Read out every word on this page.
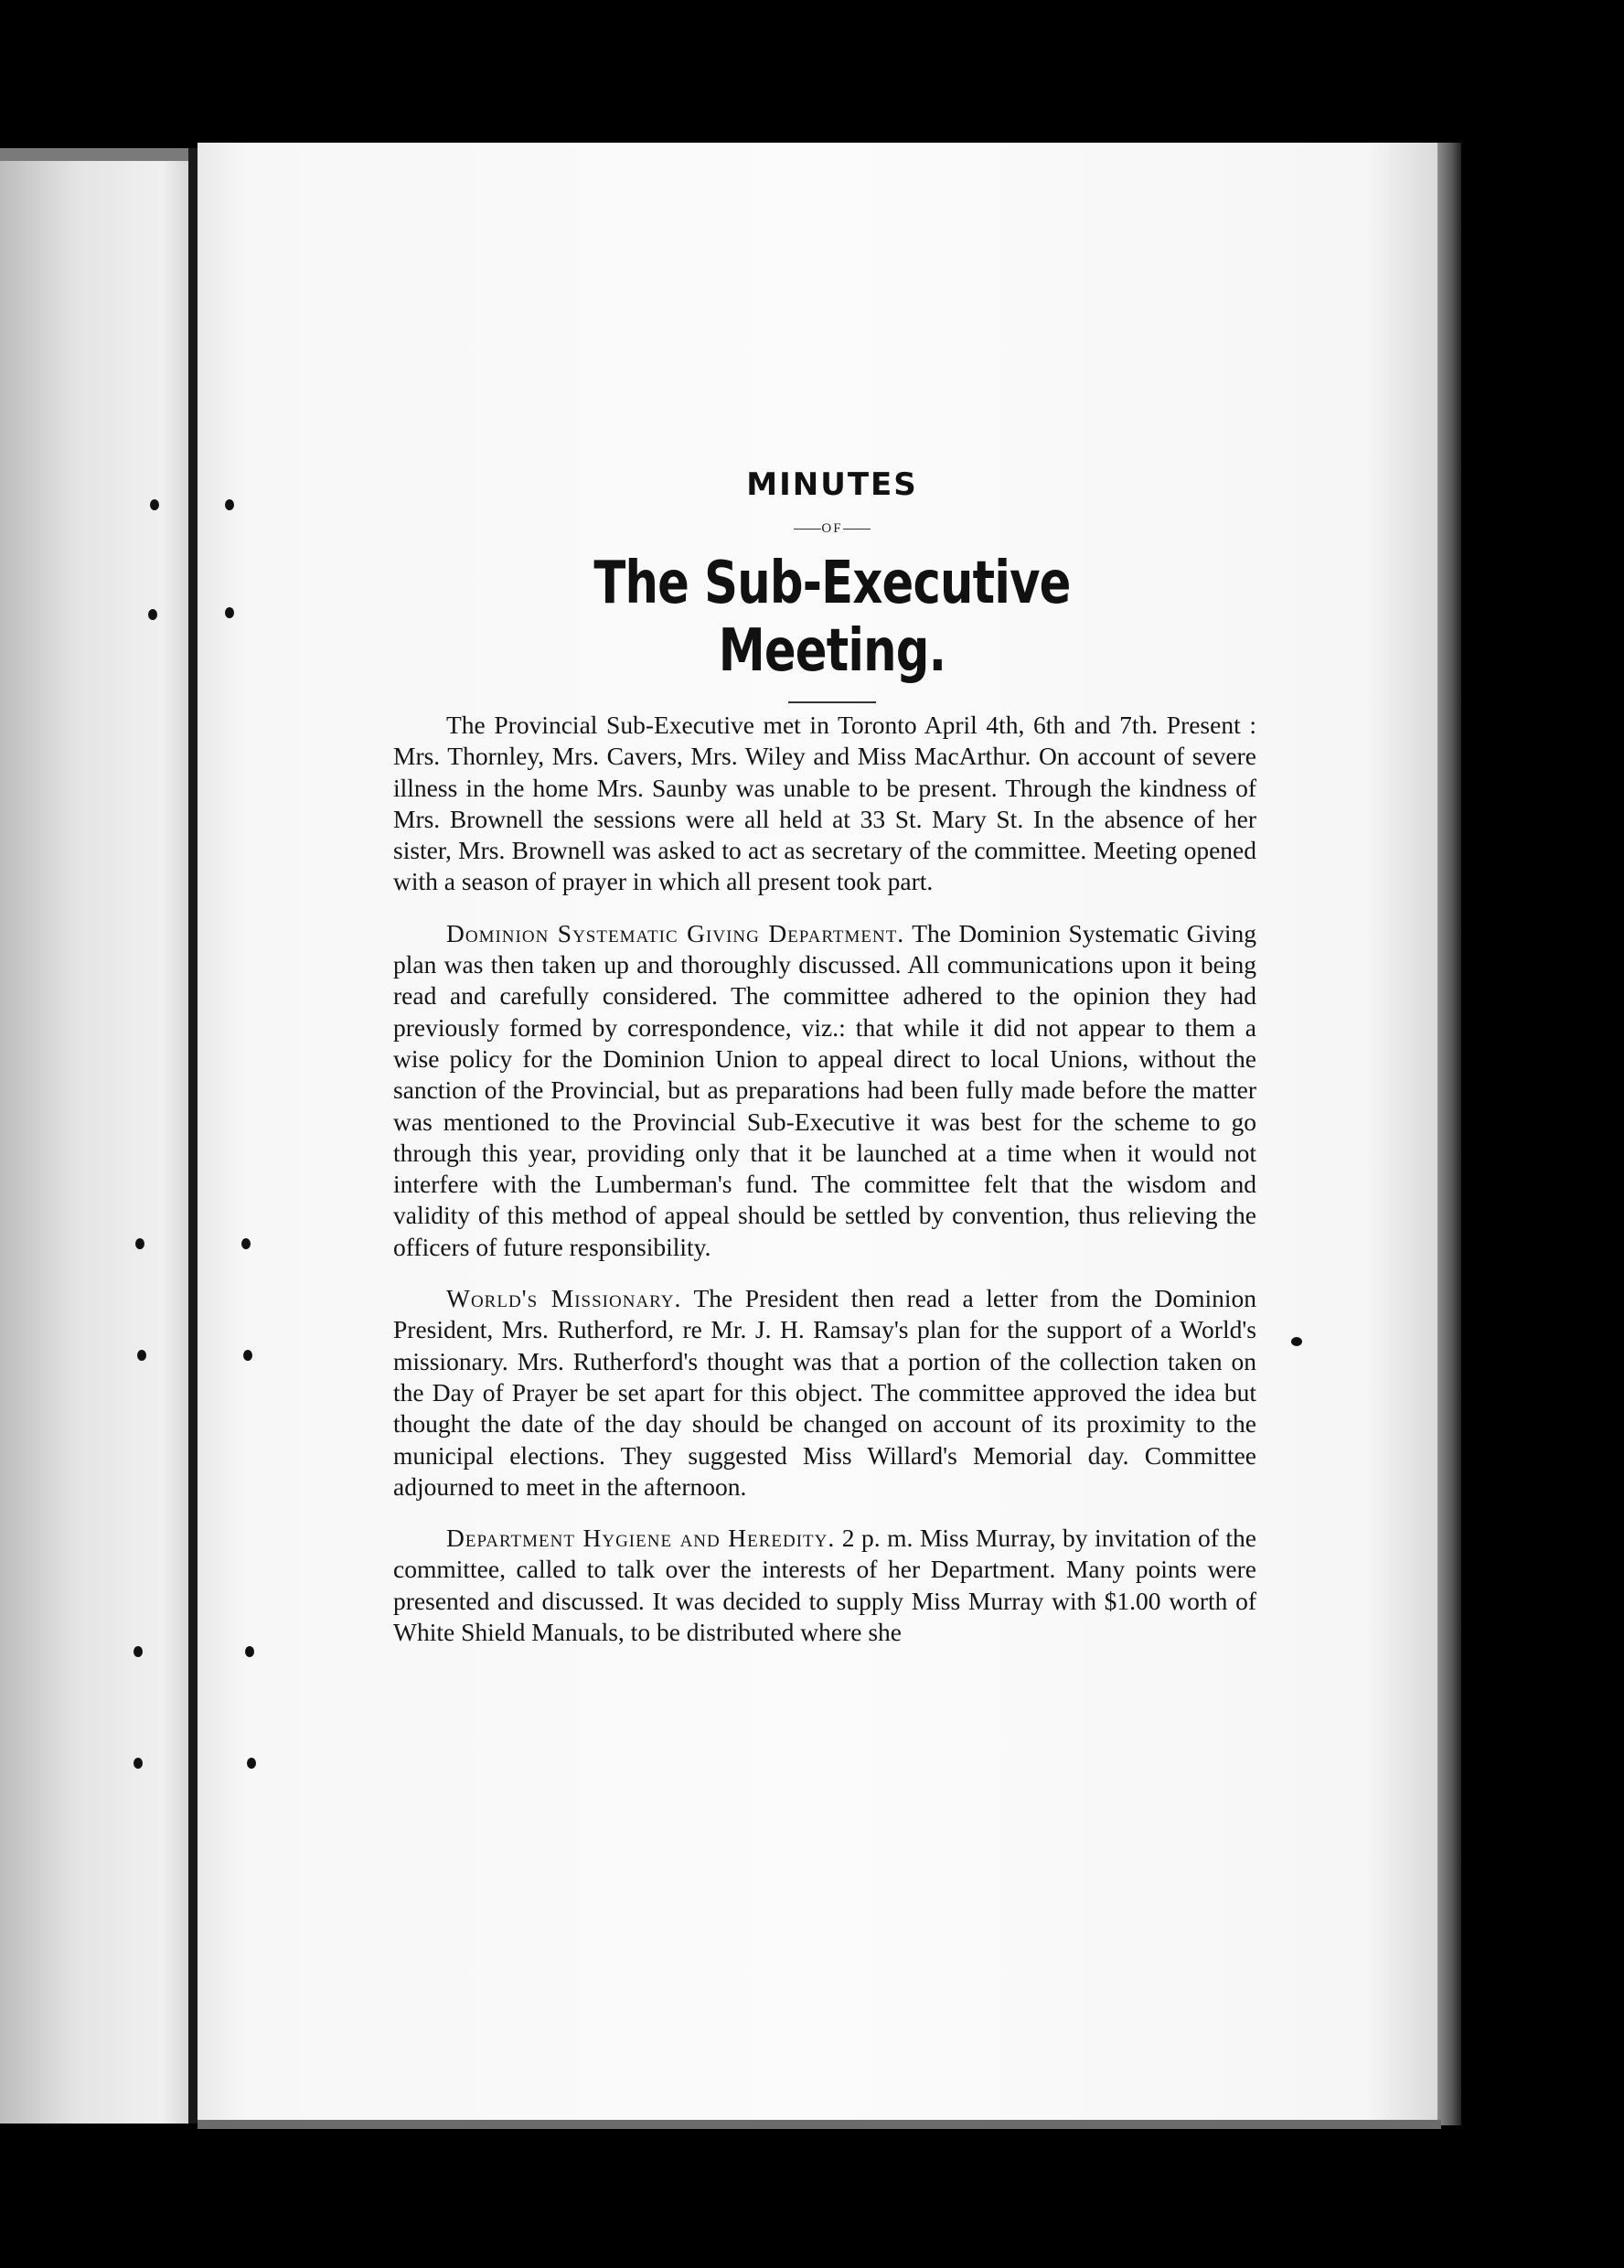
MINUTES
OF
The Sub-Executive Meeting.

The Provincial Sub-Executive met in Toronto April 4th, 6th and 7th. Present : Mrs. Thornley, Mrs. Cavers, Mrs. Wiley and Miss MacArthur. On account of severe illness in the home Mrs. Saunby was unable to be present. Through the kindness of Mrs. Brownell the sessions were all held at 33 St. Mary St. In the absence of her sister, Mrs. Brownell was asked to act as secretary of the committee. Meeting opened with a season of prayer in which all present took part.

Dominion Systematic Giving Department. The Dominion Systematic Giving plan was then taken up and thoroughly discussed. All communications upon it being read and carefully considered. The committee adhered to the opinion they had previously formed by correspondence, viz.: that while it did not appear to them a wise policy for the Dominion Union to appeal direct to local Unions, without the sanction of the Provincial, but as preparations had been fully made before the matter was mentioned to the Provincial Sub-Executive it was best for the scheme to go through this year, providing only that it be launched at a time when it would not interfere with the Lumberman's fund. The committee felt that the wisdom and validity of this method of appeal should be settled by convention, thus relieving the officers of future responsibility.

World's Missionary. The President then read a letter from the Dominion President, Mrs. Rutherford, re Mr. J. H. Ramsay's plan for the support of a World's missionary. Mrs. Rutherford's thought was that a portion of the collection taken on the Day of Prayer be set apart for this object. The committee approved the idea but thought the date of the day should be changed on account of its proximity to the municipal elections. They suggested Miss Willard's Memorial day. Committee adjourned to meet in the afternoon.

Department Hygiene and Heredity. 2 p. m. Miss Murray, by invitation of the committee, called to talk over the interests of her Department. Many points were presented and discussed. It was decided to supply Miss Murray with $1.00 worth of White Shield Manuals, to be distributed where she
